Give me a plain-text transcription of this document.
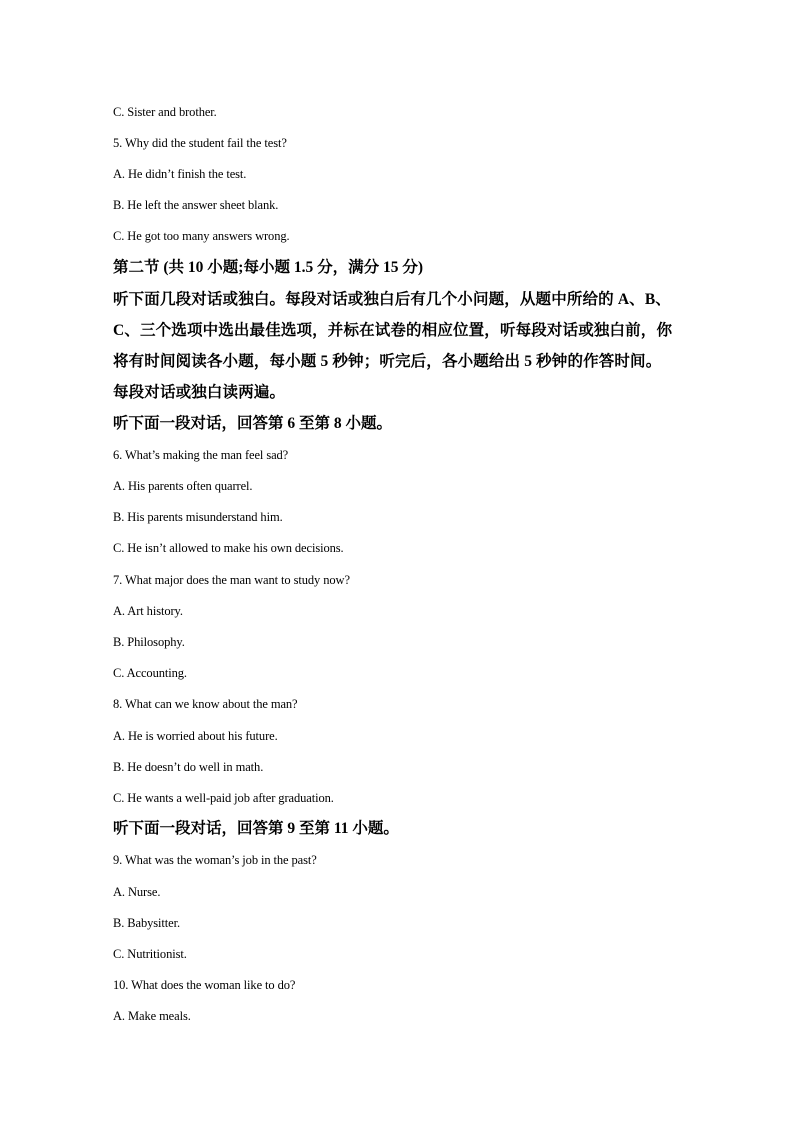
C. Sister and brother.
5. Why did the student fail the test?
A. He didn’t finish the test.
B. He left the answer sheet blank.
C. He got too many answers wrong.
第二节 (共 10 小题;每小题 1.5 分，满分 15 分)
听下面几段对话或独白。每段对话或独白后有几个小问题，从题中所给的 A、B、
C、三个选项中选出最佳选项，并标在试卷的相应位置，听每段对话或独白前，你
将有时间阅读各小题，每小题 5 秒钟；听完后，各小题给出 5 秒钟的作答时间。
每段对话或独白读两遍。
听下面一段对话，回答第 6 至第 8 小题。
6. What’s making the man feel sad?
A. His parents often quarrel.
B. His parents misunderstand him.
C. He isn’t allowed to make his own decisions.
7. What major does the man want to study now?
A. Art history.
B. Philosophy.
C. Accounting.
8. What can we know about the man?
A. He is worried about his future.
B. He doesn’t do well in math.
C. He wants a well-paid job after graduation.
听下面一段对话，回答第 9 至第 11 小题。
9. What was the woman’s job in the past?
A. Nurse.
B. Babysitter.
C. Nutritionist.
10. What does the woman like to do?
A. Make meals.
